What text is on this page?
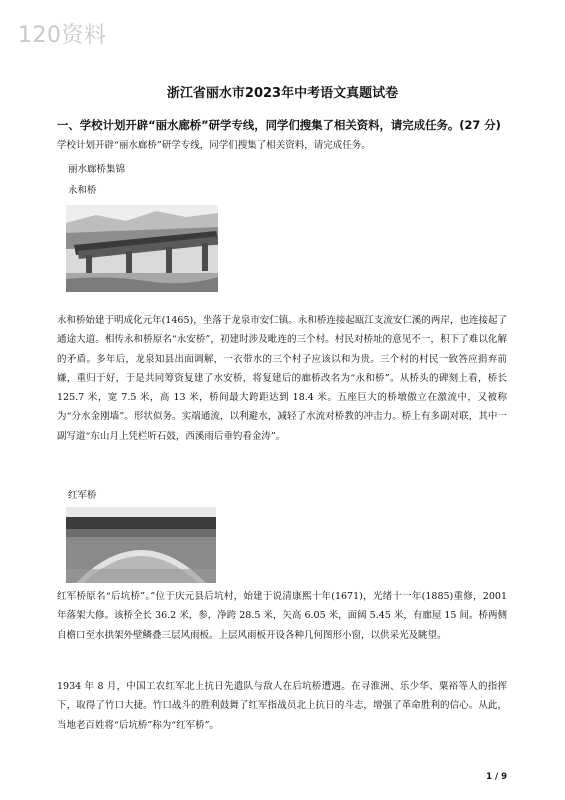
120资料
浙江省丽水市2023年中考语文真题试卷
一、学校计划开辟“丽水廊桥”研学专线，同学们搜集了相关资料，请完成任务。(27 分)

学校计划开辟“丽水廊桥”研学专线，同学们搜集了相关资料，请完成任务。

丽水廊桥集锦
永和桥

永和桥始建于明成化元年(1465)，坐落于龙泉市安仁镇。永和桥连接起瓯江支流安仁溪的两岸，也连接起了通途大道。相传永和桥原名“永安桥”，初建时涉及毗连的三个村。村民对桥址的意见不一，积下了难以化解的矛盾。多年后，龙泉知县出面调解，一衣带水的三个村子应该以和为贵。三个村的村民一致答应捐弃前嫌，重归于好，于是共同筹资复建了水安桥，将复建后的廊桥改名为“永和桥”。从桥头的碑刻上看，桥长 125.7 米，宽 7.5 米，高 13 米，桥间最大跨距达到 18.4 米。五座巨大的桥墩傲立在激流中，又被称为“分水金刚墙”。形状似务。实端通流，以利避水，减轻了水流对桥教的冲击力。桥上有多副对联，其中一副写道“东山月上凭栏听石鼓，西溪雨后垂钓看金涛”。

红军桥

红军桥原名“后坑桥”。”位于庆元县后坑村，始建于说清康熙十年(1671)，光绪十一年(1885)重修，2001 年落架大修。该桥全长 36.2 米，参，净跨 28.5 米，矢高 6.05 米，面阔 5.45 米，有廊屋 15 间。桥两侧自檐口至水拱架外壁鳞叠三层风雨板。上层风雨板开设各种几何图形小窗，以供采光及眺望。

1934 年 8 月，中国工农红军北上抗日先遣队与敌人在后坑桥遭遇。在寻淮洲、乐少华、粟裕等人的指挥下，取得了竹口大捷。竹口战斗的胜利鼓舞了红军指战员北上抗日的斗志，增强了革命胜利的信心。从此，当地老百姓将“后坑桥”称为“红军桥”。

1 / 9
